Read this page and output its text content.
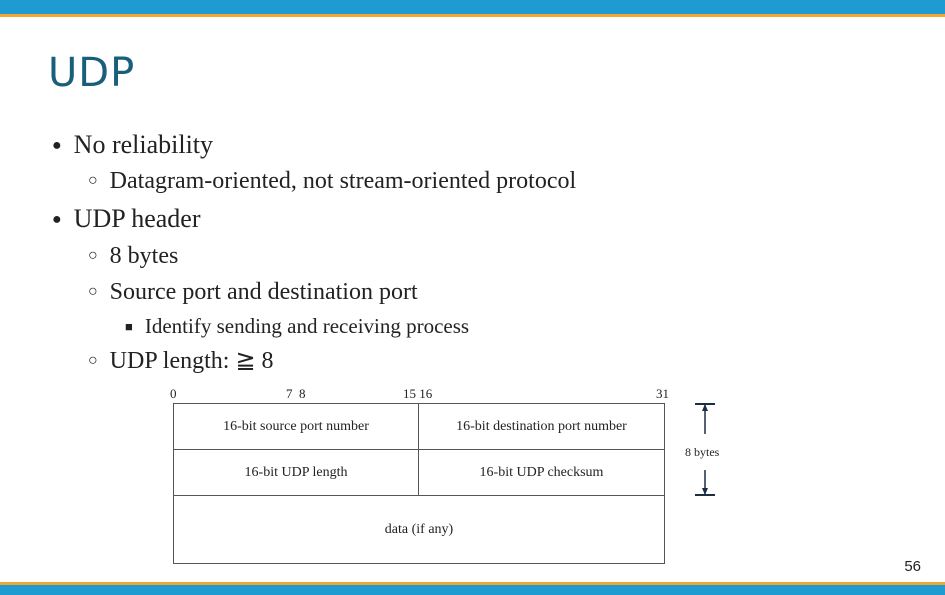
UDP
● No reliability
○ Datagram-oriented, not stream-oriented protocol
● UDP header
○ 8 bytes
○ Source port and destination port
■ Identify sending and receiving process
○ UDP length: ≧ 8
0	7  8	15 16	31
16-bit source port number	16-bit destination port number
16-bit UDP length	16-bit UDP checksum
data (if any)
8 bytes
56
